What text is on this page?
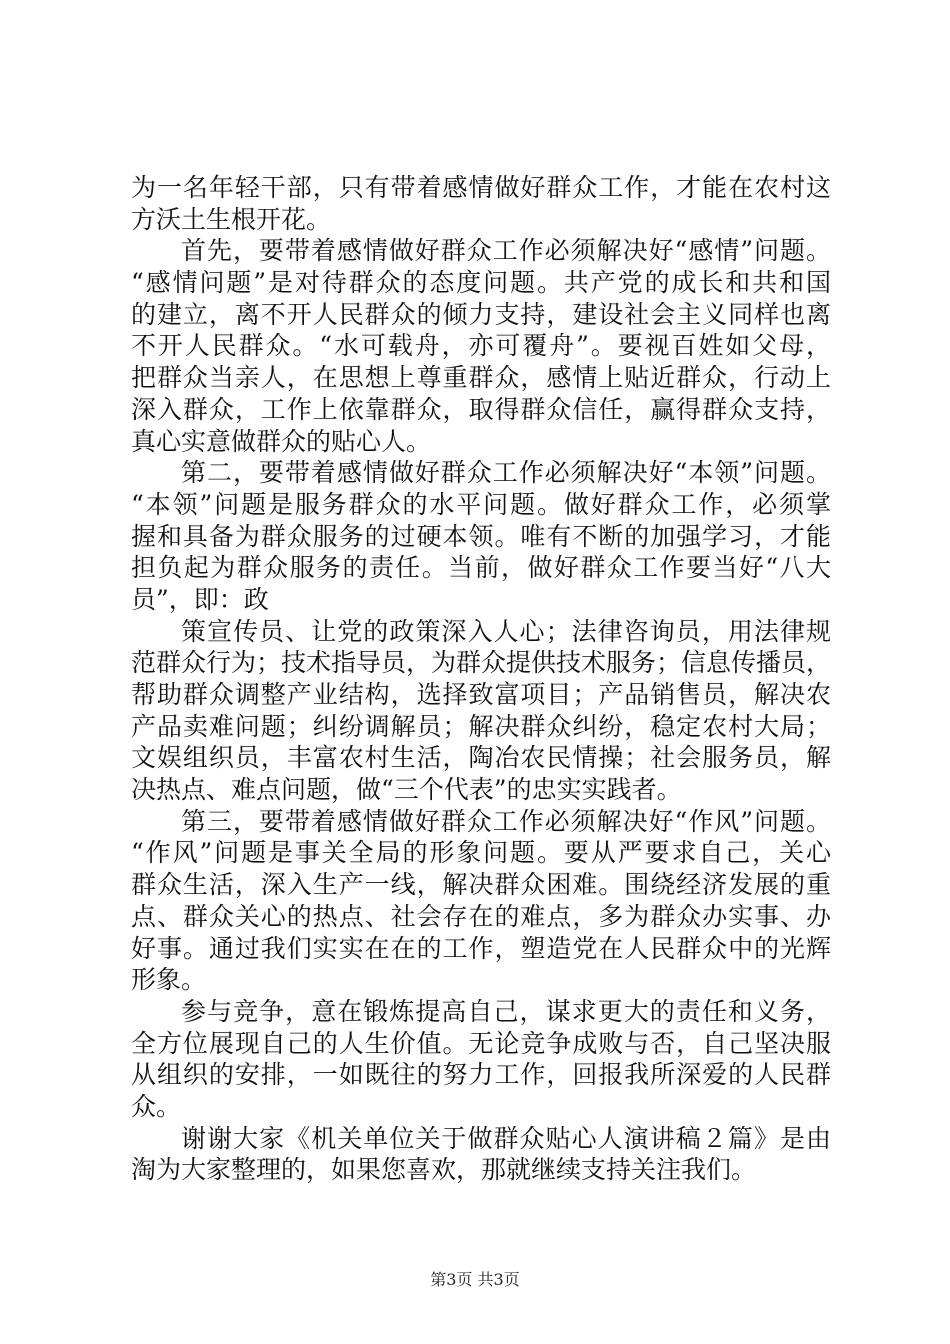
为一名年轻干部，只有带着感情做好群众工作，才能在农村这
方沃土生根开花。
首先，要带着感情做好群众工作必须解决好“感情”问题。
“感情问题”是对待群众的态度问题。共产党的成长和共和国
的建立，离不开人民群众的倾力支持，建设社会主义同样也离
不开人民群众。“水可载舟，亦可覆舟”。要视百姓如父母，
把群众当亲人，在思想上尊重群众，感情上贴近群众，行动上
深入群众，工作上依靠群众，取得群众信任，赢得群众支持，
真心实意做群众的贴心人。
第二，要带着感情做好群众工作必须解决好“本领”问题。
“本领”问题是服务群众的水平问题。做好群众工作，必须掌
握和具备为群众服务的过硬本领。唯有不断的加强学习，才能
担负起为群众服务的责任。当前，做好群众工作要当好“八大
员”，即：政
策宣传员、让党的政策深入人心；法律咨询员，用法律规
范群众行为；技术指导员，为群众提供技术服务；信息传播员，
帮助群众调整产业结构，选择致富项目；产品销售员，解决农
产品卖难问题；纠纷调解员；解决群众纠纷，稳定农村大局；
文娱组织员，丰富农村生活，陶冶农民情操；社会服务员，解
决热点、难点问题，做“三个代表”的忠实实践者。
第三，要带着感情做好群众工作必须解决好“作风”问题。
“作风”问题是事关全局的形象问题。要从严要求自己，关心
群众生活，深入生产一线，解决群众困难。围绕经济发展的重
点、群众关心的热点、社会存在的难点，多为群众办实事、办
好事。通过我们实实在在的工作，塑造党在人民群众中的光辉
形象。
参与竞争，意在锻炼提高自己，谋求更大的责任和义务，
全方位展现自己的人生价值。无论竞争成败与否，自己坚决服
从组织的安排，一如既往的努力工作，回报我所深爱的人民群
众。
谢谢大家《机关单位关于做群众贴心人演讲稿２篇》是由
淘为大家整理的，如果您喜欢，那就继续支持关注我们。
第3页 共3页
